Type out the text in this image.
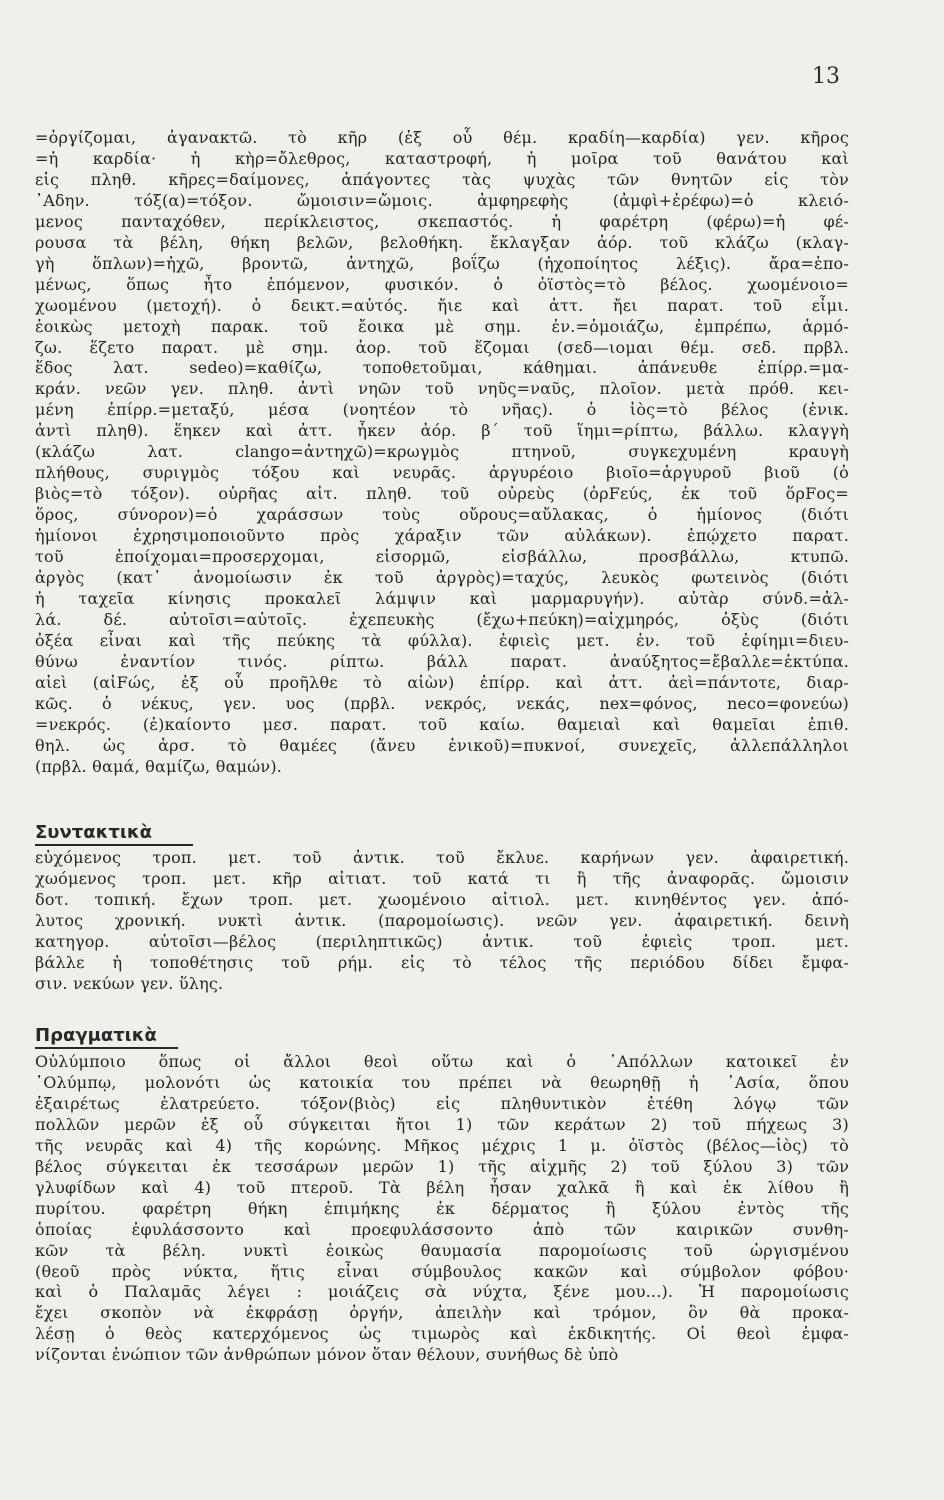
13
=ὀργίζομαι, ἀγανακτῶ. τὸ κῆρ (ἐξ οὗ θέμ. κραδίη—καρδία) γεν. κῆρος
=ἡ καρδία· ἡ κὴρ=ὄλεθρος, καταστροφή, ἡ μοῖρα τοῦ θανάτου καὶ
εἰς πληθ. κῆρες=δαίμονες, ἀπάγοντες τὰς ψυχὰς τῶν θνητῶν εἰς τὸν
᾿Αδην. τόξ(α)=τόξον. ὤμοισιν=ὤμοις. ἀμφηρεφὴς (ἀμφὶ+ἐρέφω)=ὁ κλειό-
μενος πανταχόθεν, περίκλειστος, σκεπαστός. ἡ φαρέτρη (φέρω)=ἡ φέ-
ρουσα τὰ βέλη, θήκη βελῶν, βελοθήκη. ἔκλαγξαν ἀόρ. τοῦ κλάζω (κλαγ-
γὴ ὅπλων)=ἠχῶ, βροντῶ, ἀντηχῶ, βοΐζω (ἠχοποίητος λέξις). ἄρα=ἑπο-
μένως, ὅπως ἦτο ἑπόμενον, φυσικόν. ὁ ὀϊστὸς=τὸ βέλος. χωομένοιο=
χωομένου (μετοχή). ὁ δεικτ.=αὐτός. ἤιε καὶ ἀττ. ἤει παρατ. τοῦ εἶμι.
ἐοικὼς μετοχὴ παρακ. τοῦ ἔοικα μὲ σημ. ἐν.=ὁμοιάζω, ἐμπρέπω, ἁρμό-
ζω. ἕζετο παρατ. μὲ σημ. ἀορ. τοῦ ἕζομαι (σεδ—ιομαι θέμ. σεδ. πρβλ.
ἕδος λατ. sedeo)=καθίζω, τοποθετοῦμαι, κάθημαι. ἀπάνευθε ἐπίρρ.=μα-
κράν. νεῶν γεν. πληθ. ἀντὶ νηῶν τοῦ νηῦς=ναῦς, πλοῖον. μετὰ πρόθ. κει-
μένη ἐπίρρ.=μεταξύ, μέσα (νοητέον τὸ νῆας). ὁ ἰὸς=τὸ βέλος (ἐνικ.
ἀντὶ πληθ). ἕηκεν καὶ ἀττ. ἧκεν ἀόρ. β´ τοῦ ἵημι=ρίπτω, βάλλω. κλαγγὴ
(κλάζω λατ. clango=ἀντηχῶ)=κρωγμὸς πτηνοῦ, συγκεχυμένη κραυγὴ
πλήθους, συριγμὸς τόξου καὶ νευρᾶς. ἀργυρέοιο βιοῖο=ἀργυροῦ βιοῦ (ὁ
βιὸς=τὸ τόξον). οὐρῆας αἰτ. πληθ. τοῦ οὐρεὺς (ὀρFεύς, ἐκ τοῦ ὅρFος=
ὅρος, σύνορον)=ὁ χαράσσων τοὺς οὔρους=αὔλακας, ὁ ἡμίονος (διότι
ἡμίονοι ἐχρησιμοποιοῦντο πρὸς χάραξιν τῶν αὐλάκων). ἐπῴχετο παρατ.
τοῦ ἐποίχομαι=προσερχομαι, εἰσορμῶ, εἰσβάλλω, προσβάλλω, κτυπῶ.
ἀργὸς (κατ᾿ ἀνομοίωσιν ἐκ τοῦ ἀργρὸς)=ταχύς, λευκὸς φωτεινὸς (διότι
ἡ ταχεῖα κίνησις προκαλεῖ λάμψιν καὶ μαρμαρυγήν). αὐτὰρ σύνδ.=ἀλ-
λά. δέ. αὐτοῖσι=αὐτοῖς. ἐχεπευκὴς (ἔχω+πεύκη)=αἰχμηρός, ὀξὺς (διότι
ὀξέα εἶναι καὶ τῆς πεύκης τὰ φύλλα). ἐφιεὶς μετ. ἐν. τοῦ ἐφίημι=διευ-
θύνω ἐναντίον τινός. ρίπτω. βάλλ παρατ. ἀναύξητος=ἔβαλλε=ἐκτύπα.
αἰεὶ (αἰFώς, ἐξ οὗ προῆλθε τὸ αἰὼν) ἐπίρρ. καὶ ἀττ. ἀεὶ=πάντοτε, διαρ-
κῶς. ὁ νέκυς, γεν. υος (πρβλ. νεκρός, νεκάς, nex=φόνος, neco=φονεύω)
=νεκρός. (ἐ)καίοντο μεσ. παρατ. τοῦ καίω. θαμειαὶ καὶ θαμεῖαι ἐπιθ.
θηλ. ὡς ἀρσ. τὸ θαμέες (ἄνευ ἑνικοῦ)=πυκνοί, συνεχεῖς, ἀλλεπάλληλοι
(πρβλ. θαμά, θαμίζω, θαμών).
Συντακτικὰ
εὐχόμενος τροπ. μετ. τοῦ ἀντικ. τοῦ ἔκλυε. καρήνων γεν. ἀφαιρετική.
χωόμενος τροπ. μετ. κῆρ αἰτιατ. τοῦ κατά τι ἢ τῆς ἀναφορᾶς. ὤμοισιν
δοτ. τοπική. ἔχων τροπ. μετ. χωομένοιο αἰτιολ. μετ. κινηθέντος γεν. ἀπό-
λυτος χρονική. νυκτὶ ἀντικ. (παρομοίωσις). νεῶν γεν. ἀφαιρετική. δεινὴ
κατηγορ. αὐτοῖσι—βέλος (περιληπτικῶς) ἀντικ. τοῦ ἐφιεὶς τροπ. μετ.
βάλλε ἡ τοποθέτησις τοῦ ρήμ. εἰς τὸ τέλος τῆς περιόδου δίδει ἔμφα-
σιν. νεκύων γεν. ὕλης.
Πραγματικὰ
Οὐλύμποιο ὅπως οἱ ἄλλοι θεοὶ οὕτω καὶ ὁ ᾿Απόλλων κατοικεῖ ἐν
᾿Ολύμπῳ, μολονότι ὡς κατοικία του πρέπει νὰ θεωρηθῇ ἡ ᾿Ασία, ὅπου
ἐξαιρέτως ἐλατρεύετο. τόξον(βιὸς) εἰς πληθυντικὸν ἐτέθη λόγῳ τῶν
πολλῶν μερῶν ἐξ οὗ σύγκειται ἤτοι 1) τῶν κεράτων 2) τοῦ πήχεως 3)
τῆς νευρᾶς καὶ 4) τῆς κορώνης. Μῆκος μέχρις 1 μ. ὀϊστὸς (βέλος—ἰὸς) τὸ
βέλος σύγκειται ἐκ τεσσάρων μερῶν 1) τῆς αἰχμῆς 2) τοῦ ξύλου 3) τῶν
γλυφίδων καὶ 4) τοῦ πτεροῦ. Τὰ βέλη ἦσαν χαλκᾶ ἢ καὶ ἐκ λίθου ἢ
πυρίτου. φαρέτρη θήκη ἐπιμήκης ἐκ δέρματος ἢ ξύλου ἐντὸς τῆς
ὁποίας ἐφυλάσσοντο καὶ προεφυλάσσοντο ἀπὸ τῶν καιρικῶν συνθη-
κῶν τὰ βέλη. νυκτὶ ἐοικὼς θαυμασία παρομοίωσις τοῦ ὠργισμένου
(θεοῦ πρὸς νύκτα, ἥτις εἶναι σύμβουλος κακῶν καὶ σύμβολον φόβου·
καὶ ὁ Παλαμᾶς λέγει : μοιάζεις σὰ νύχτα, ξένε μου...). Ἡ παρομοίωσις
ἔχει σκοπὸν νὰ ἐκφράσῃ ὀργήν, ἀπειλὴν καὶ τρόμον, ὃν θὰ προκα-
λέσῃ ὁ θεὸς κατερχόμενος ὡς τιμωρὸς καὶ ἐκδικητής. Οἱ θεοὶ ἐμφα-
νίζονται ἐνώπιον τῶν ἀνθρώπων μόνον ὅταν θέλουν, συνήθως δὲ ὑπὸ
